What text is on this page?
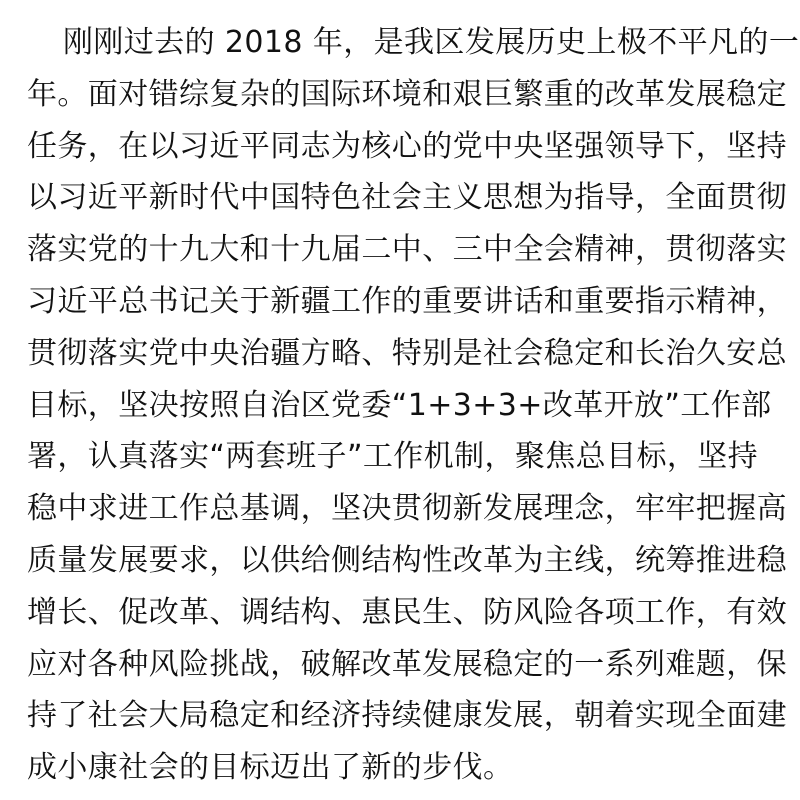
刚刚过去的 2018 年，是我区发展历史上极不平凡的一
年。面对错综复杂的国际环境和艰巨繁重的改革发展稳定
任务，在以习近平同志为核心的党中央坚强领导下，坚持
以习近平新时代中国特色社会主义思想为指导，全面贯彻
落实党的十九大和十九届二中、三中全会精神，贯彻落实
习近平总书记关于新疆工作的重要讲话和重要指示精神，
贯彻落实党中央治疆方略、特别是社会稳定和长治久安总
目标，坚决按照自治区党委“1+3+3+改革开放”工作部
署，认真落实“两套班子”工作机制，聚焦总目标，坚持
稳中求进工作总基调，坚决贯彻新发展理念，牢牢把握高
质量发展要求，以供给侧结构性改革为主线，统筹推进稳
增长、促改革、调结构、惠民生、防风险各项工作，有效
应对各种风险挑战，破解改革发展稳定的一系列难题，保
持了社会大局稳定和经济持续健康发展，朝着实现全面建
成小康社会的目标迈出了新的步伐。
